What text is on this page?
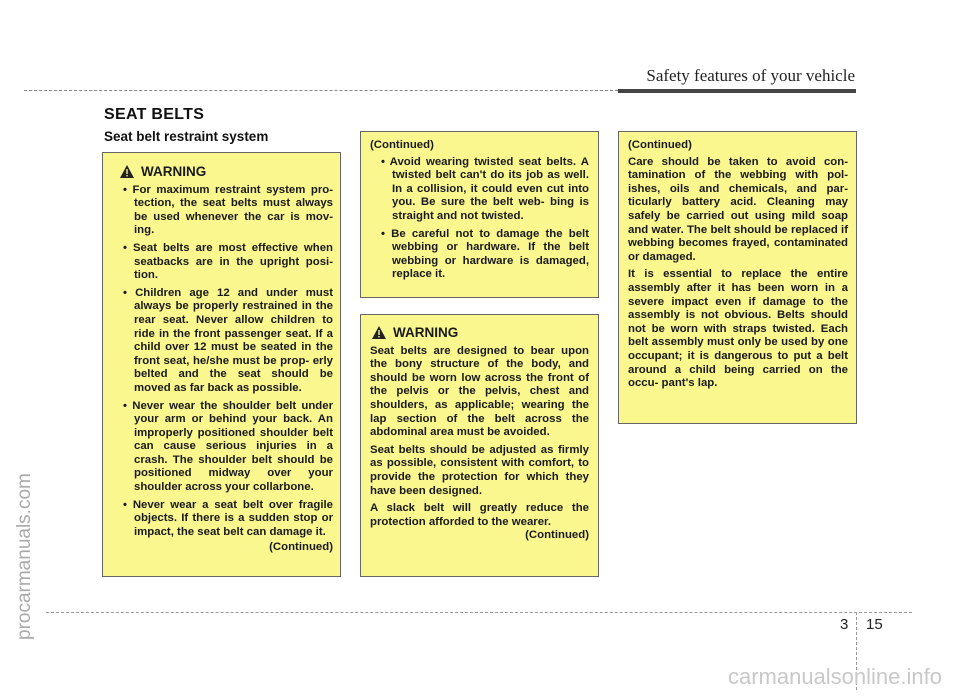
Safety features of your vehicle
SEAT BELTS
Seat belt restraint system
WARNING
• For maximum restraint system pro- tection, the seat belts must always be used whenever the car is mov- ing.
• Seat belts are most effective when seatbacks are in the upright posi- tion.
• Children age 12 and under must always be properly restrained in the rear seat. Never allow children to ride in the front passenger seat. If a child over 12 must be seated in the front seat, he/she must be prop- erly belted and the seat should be moved as far back as possible.
• Never wear the shoulder belt under your arm or behind your back. An improperly positioned shoulder belt can cause serious injuries in a crash. The shoulder belt should be positioned midway over your shoulder across your collarbone.
• Never wear a seat belt over fragile objects. If there is a sudden stop or impact, the seat belt can damage it.

(Continued)

(Continued)

• Avoid wearing twisted seat belts. A twisted belt can't do its job as well. In a collision, it could even cut into you. Be sure the belt web- bing is straight and not twisted.
• Be careful not to damage the belt webbing or hardware. If the belt webbing or hardware is damaged, replace it.
WARNING

Seat belts are designed to bear upon the bony structure of the body, and should be worn low across the front of the pelvis or the pelvis, chest and shoulders, as applicable; wearing the lap section of the belt across the abdominal area must be avoided.

Seat belts should be adjusted as firmly as possible, consistent with comfort, to provide the protection for which they have been designed.

A slack belt will greatly reduce the protection afforded to the wearer.

(Continued)

(Continued)

Care should be taken to avoid con- tamination of the webbing with pol- ishes, oils and chemicals, and par- ticularly battery acid. Cleaning may safely be carried out using mild soap and water. The belt should be replaced if webbing becomes frayed, contaminated or damaged.

It is essential to replace the entire assembly after it has been worn in a severe impact even if damage to the assembly is not obvious. Belts should not be worn with straps twisted. Each belt assembly must only be used by one occupant; it is dangerous to put a belt around a child being carried on the occu- pant's lap.

procarmanuals.com	3 15
carmanualsonline.info
